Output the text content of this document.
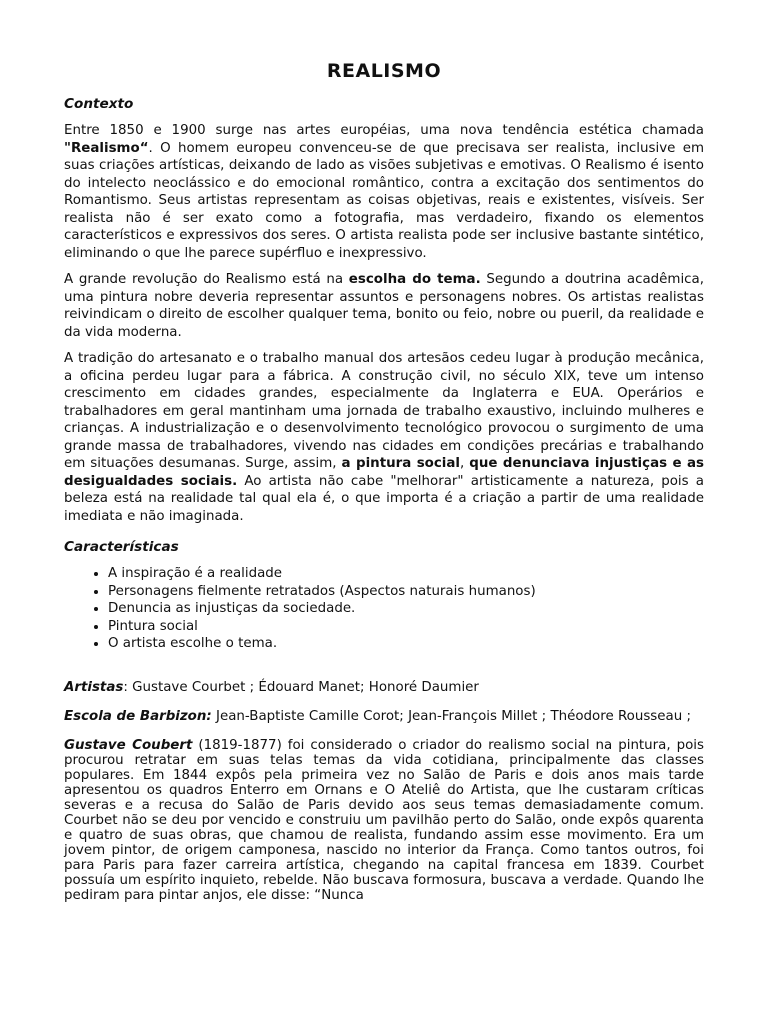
REALISMO
Contexto

Entre 1850 e 1900 surge nas artes européias, uma nova tendência estética chamada "Realismo“. O homem europeu convenceu-se de que precisava ser realista, inclusive em suas criações artísticas, deixando de lado as visões subjetivas e emotivas. O Realismo é isento do intelecto neoclássico e do emocional romântico, contra a excitação dos sentimentos do Romantismo. Seus artistas representam as coisas objetivas, reais e existentes, visíveis. Ser realista não é ser exato como a fotografia, mas verdadeiro, fixando os elementos característicos e expressivos dos seres. O artista realista pode ser inclusive bastante sintético, eliminando o que lhe parece supérfluo e inexpressivo.

A grande revolução do Realismo está na escolha do tema. Segundo a doutrina acadêmica, uma pintura nobre deveria representar assuntos e personagens nobres. Os artistas realistas reivindicam o direito de escolher qualquer tema, bonito ou feio, nobre ou pueril, da realidade e da vida moderna.

A tradição do artesanato e o trabalho manual dos artesãos cedeu lugar à produção mecânica, a oficina perdeu lugar para a fábrica. A construção civil, no século XIX, teve um intenso crescimento em cidades grandes, especialmente da Inglaterra e EUA. Operários e trabalhadores em geral mantinham uma jornada de trabalho exaustivo, incluindo mulheres e crianças. A industrialização e o desenvolvimento tecnológico provocou o surgimento de uma grande massa de trabalhadores, vivendo nas cidades em condições precárias e trabalhando em situações desumanas. Surge, assim, a pintura social, que denunciava injustiças e as desigualdades sociais. Ao artista não cabe "melhorar" artisticamente a natureza, pois a beleza está na realidade tal qual ela é, o que importa é a criação a partir de uma realidade imediata e não imaginada.

Características
• A inspiração é a realidade
• Personagens fielmente retratados (Aspectos naturais humanos)
• Denuncia as injustiças da sociedade.
• Pintura social
• O artista escolhe o tema.

Artistas: Gustave Courbet ; Édouard Manet; Honoré Daumier

Escola de Barbizon: Jean-Baptiste Camille Corot; Jean-François Millet ; Théodore Rousseau ;

Gustave Coubert (1819-1877) foi considerado o criador do realismo social na pintura, pois procurou retratar em suas telas temas da vida cotidiana, principalmente das classes populares. Em 1844 expôs pela primeira vez no Salão de Paris e dois anos mais tarde apresentou os quadros Enterro em Ornans e O Ateliê do Artista, que lhe custaram críticas severas e a recusa do Salão de Paris devido aos seus temas demasiadamente comum. Courbet não se deu por vencido e construiu um pavilhão perto do Salão, onde expôs quarenta e quatro de suas obras, que chamou de realista, fundando assim esse movimento. Era um jovem pintor, de origem camponesa, nascido no interior da França. Como tantos outros, foi para Paris para fazer carreira artística, chegando na capital francesa em 1839. Courbet possuía um espírito inquieto, rebelde. Não buscava formosura, buscava a verdade. Quando lhe pediram para pintar anjos, ele disse: “Nunca
